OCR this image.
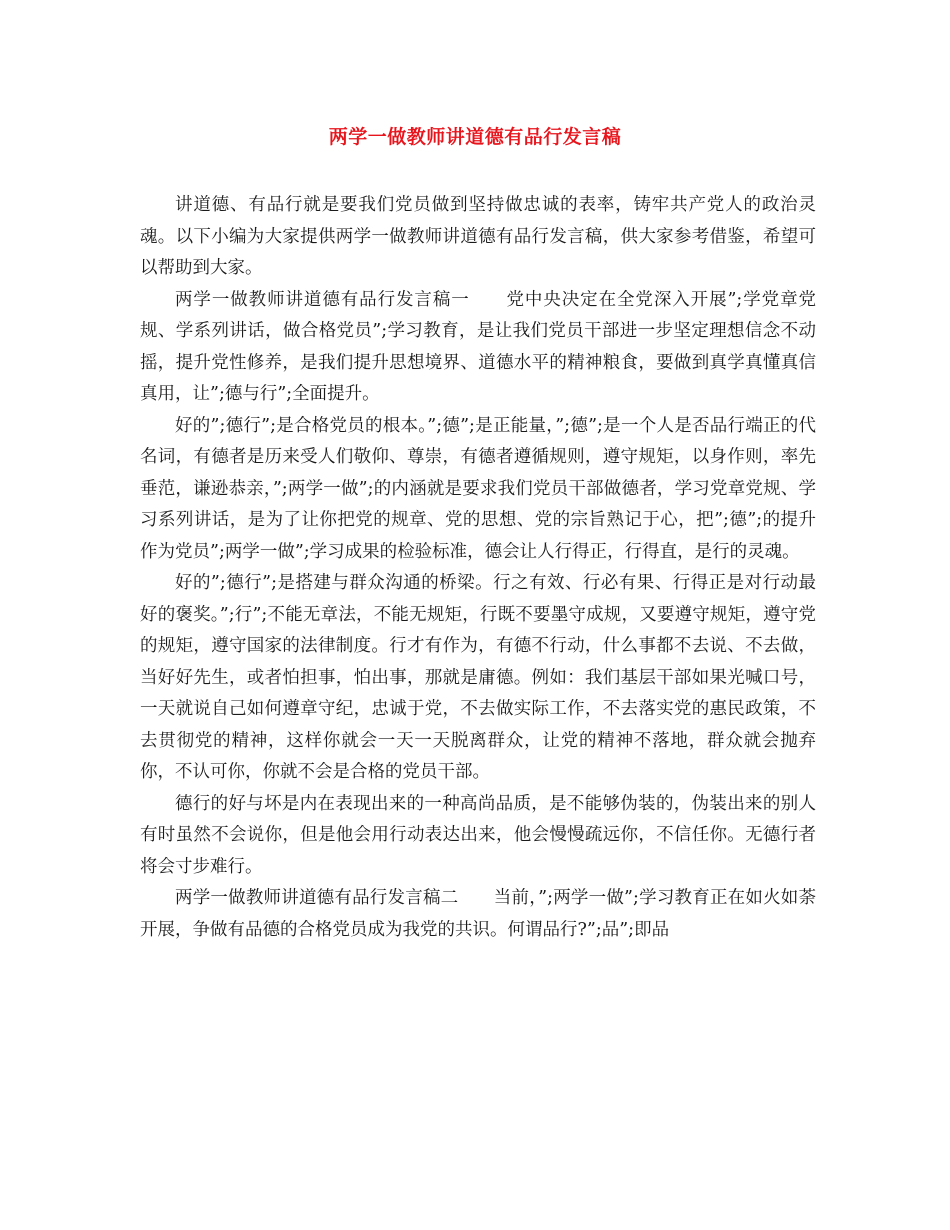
两学一做教师讲道德有品行发言稿

讲道德、有品行就是要我们党员做到坚持做忠诚的表率，铸牢共产党人的政治灵魂。以下小编为大家提供两学一做教师讲道德有品行发言稿，供大家参考借鉴，希望可以帮助到大家。

两学一做教师讲道德有品行发言稿一　　党中央决定在全党深入开展”;学党章党规、学系列讲话，做合格党员”;学习教育，是让我们党员干部进一步坚定理想信念不动摇，提升党性修养，是我们提升思想境界、道德水平的精神粮食，要做到真学真懂真信真用，让”;德与行”;全面提升。

好的”;德行”;是合格党员的根本。”;德”;是正能量，”;德”;是一个人是否品行端正的代名词，有德者是历来受人们敬仰、尊崇，有德者遵循规则，遵守规矩，以身作则，率先垂范，谦逊恭亲，”;两学一做”;的内涵就是要求我们党员干部做德者，学习党章党规、学习系列讲话，是为了让你把党的规章、党的思想、党的宗旨熟记于心，把”;德”;的提升作为党员”;两学一做”;学习成果的检验标准，德会让人行得正，行得直，是行的灵魂。

好的”;德行”;是搭建与群众沟通的桥梁。行之有效、行必有果、行得正是对行动最好的褒奖。”;行”;不能无章法，不能无规矩，行既不要墨守成规，又要遵守规矩，遵守党的规矩，遵守国家的法律制度。行才有作为，有德不行动，什么事都不去说、不去做，当好好先生，或者怕担事，怕出事，那就是庸德。例如：我们基层干部如果光喊口号，一天就说自己如何遵章守纪，忠诚于党，不去做实际工作，不去落实党的惠民政策，不去贯彻党的精神，这样你就会一天一天脱离群众，让党的精神不落地，群众就会抛弃你，不认可你，你就不会是合格的党员干部。

德行的好与坏是内在表现出来的一种高尚品质，是不能够伪装的，伪装出来的别人有时虽然不会说你，但是他会用行动表达出来，他会慢慢疏远你，不信任你。无德行者将会寸步难行。

两学一做教师讲道德有品行发言稿二　　当前，”;两学一做”;学习教育正在如火如荼开展，争做有品德的合格党员成为我党的共识。何谓品行?”;品”;即品
